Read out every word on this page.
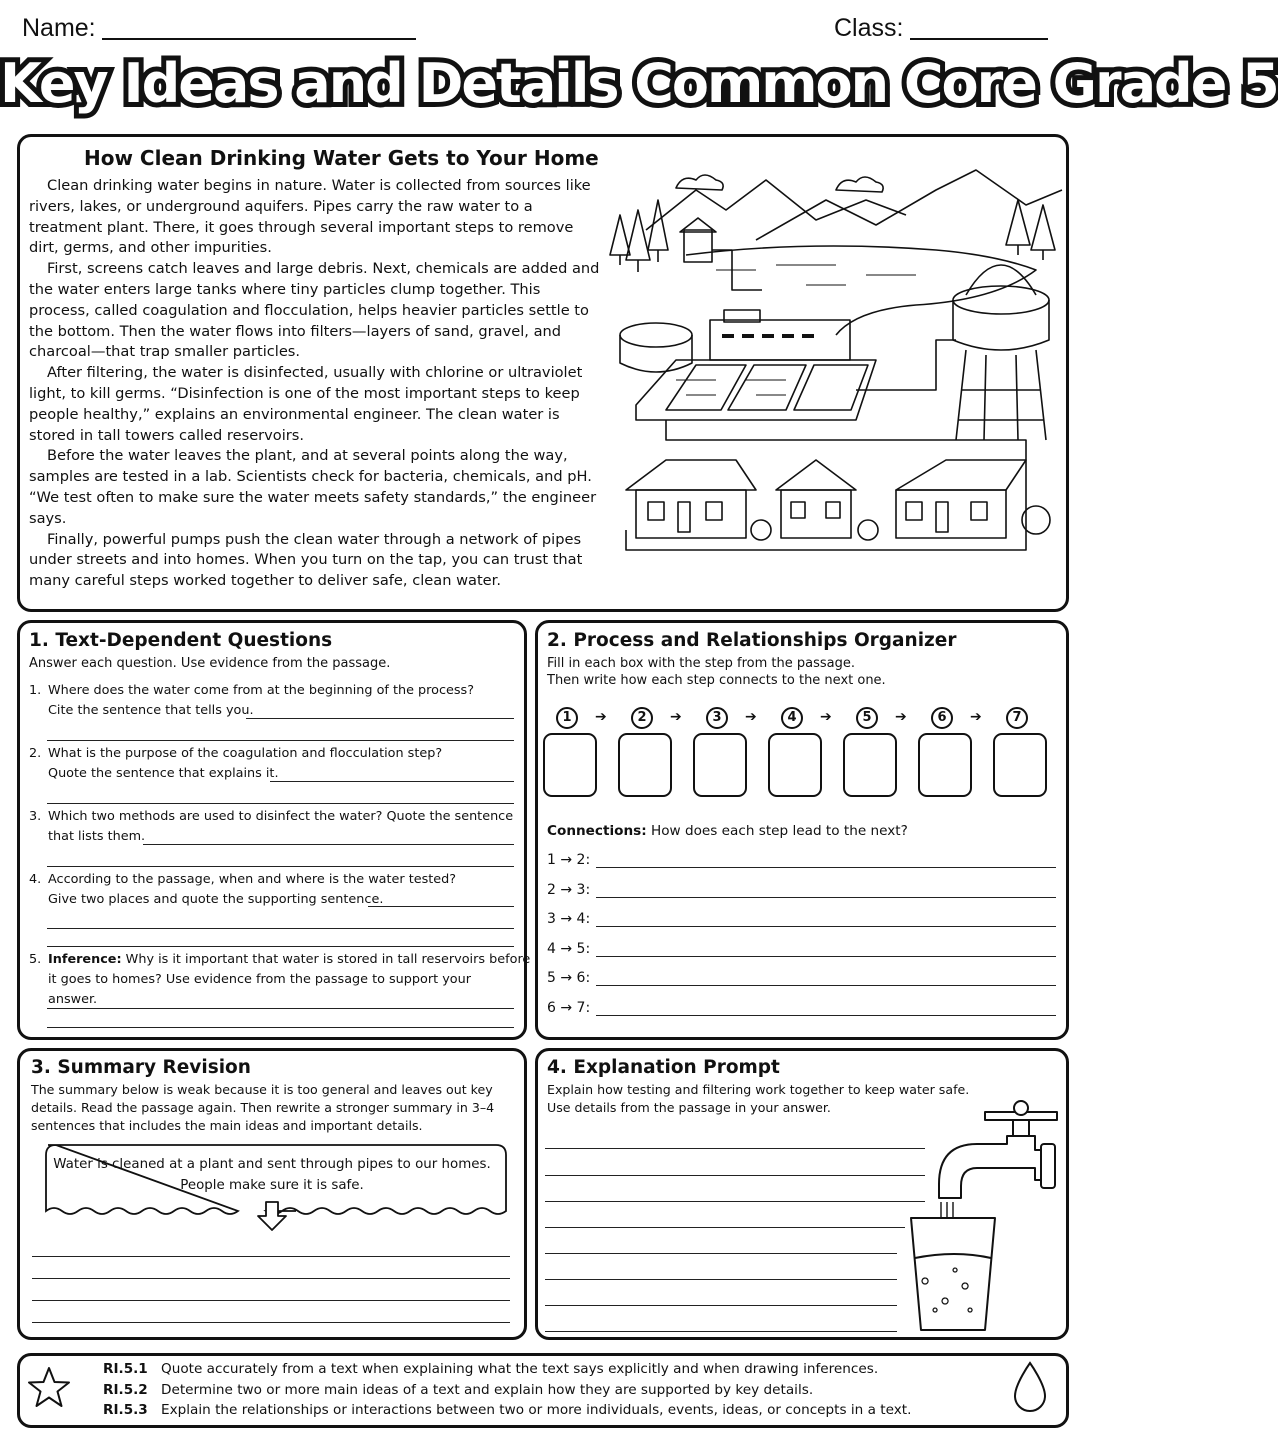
Name:	Class:
Key Ideas and Details Common Core Grade 5
How Clean Drinking Water Gets to Your Home

Clean drinking water begins in nature. Water is collected from sources like rivers, lakes, or underground aquifers. Pipes carry the raw water to a treatment plant. There, it goes through several important steps to remove dirt, germs, and other impurities.

First, screens catch leaves and large debris. Next, chemicals are added and the water enters large tanks where tiny particles clump together. This process, called coagulation and flocculation, helps heavier particles settle to the bottom. Then the water flows into filters—layers of sand, gravel, and charcoal—that trap smaller particles.

After filtering, the water is disinfected, usually with chlorine or ultraviolet light, to kill germs. “Disinfection is one of the most important steps to keep people healthy,” explains an environmental engineer. The clean water is stored in tall towers called reservoirs.

Before the water leaves the plant, and at several points along the way, samples are tested in a lab. Scientists check for bacteria, chemicals, and pH. “We test often to make sure the water meets safety standards,” the engineer says.

Finally, powerful pumps push the clean water through a network of pipes under streets and into homes. When you turn on the tap, you can trust that many careful steps worked together to deliver safe, clean water.

1. Text-Dependent Questions
Answer each question. Use evidence from the passage.
1. Where does the water come from at the beginning of the process?

Cite the sentence that tells you.
2. What is the purpose of the coagulation and flocculation step?

Quote the sentence that explains it.
3. Which two methods are used to disinfect the water? Quote the sentence

that lists them.
4. According to the passage, when and where is the water tested?

Give two places and quote the supporting sentence.
5. Inference: Why is it important that water is stored in tall reservoirs before

it goes to homes? Use evidence from the passage to support your answer.
2. Process and Relationships Organizer
Fill in each box with the step from the passage.
Then write how each step connects to the next one.
1	2	3	4	5	6	7
➔	➔	➔	➔	➔	➔
Connections: How does each step lead to the next?
1 → 2:
2 → 3:
3 → 4:
4 → 5:
5 → 6:
6 → 7:
3. Summary Revision
The summary below is weak because it is too general and leaves out key details. Read the passage again. Then rewrite a stronger summary in 3–4 sentences that includes the main ideas and important details.
Water is cleaned at a plant and sent through pipes to our homes.
People make sure it is safe.
4. Explanation Prompt
Explain how testing and filtering work together to keep water safe.
Use details from the passage in your answer.
RI.5.1 Quote accurately from a text when explaining what the text says explicitly and when drawing inferences.
RI.5.2 Determine two or more main ideas of a text and explain how they are supported by key details.
RI.5.3 Explain the relationships or interactions between two or more individuals, events, ideas, or concepts in a text.
